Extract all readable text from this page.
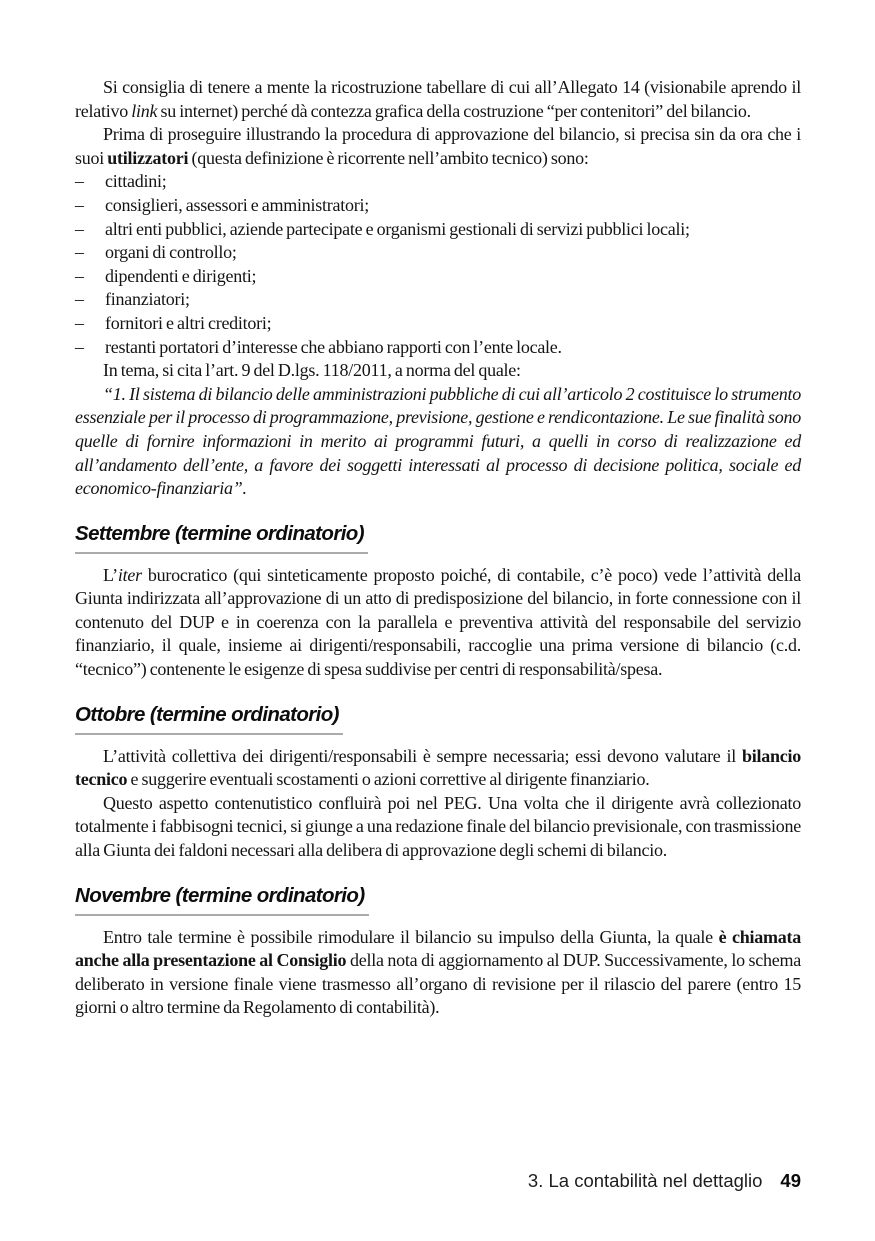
Si consiglia di tenere a mente la ricostruzione tabellare di cui all’Allegato 14 (visionabile aprendo il relativo link su internet) perché dà contezza grafica della costruzione “per contenitori” del bilancio.

Prima di proseguire illustrando la procedura di approvazione del bilancio, si precisa sin da ora che i suoi utilizzatori (questa definizione è ricorrente nell’ambito tecnico) sono:

– cittadini;
– consiglieri, assessori e amministratori;
– altri enti pubblici, aziende partecipate e organismi gestionali di servizi pubblici locali;
– organi di controllo;
– dipendenti e dirigenti;
– finanziatori;
– fornitori e altri creditori;
– restanti portatori d’interesse che abbiano rapporti con l’ente locale.

In tema, si cita l’art. 9 del D.lgs. 118/2011, a norma del quale:

“1. Il sistema di bilancio delle amministrazioni pubbliche di cui all’articolo 2 costituisce lo strumento essenziale per il processo di programmazione, previsione, gestione e rendicontazione. Le sue finalità sono quelle di fornire informazioni in merito ai programmi futuri, a quelli in corso di realizzazione ed all’andamento dell’ente, a favore dei soggetti interessati al processo di decisione politica, sociale ed economico-finanziaria”.

Settembre (termine ordinatorio)

L’iter burocratico (qui sinteticamente proposto poiché, di contabile, c’è poco) vede l’attività della Giunta indirizzata all’approvazione di un atto di predisposizione del bilancio, in forte connessione con il contenuto del DUP e in coerenza con la parallela e preventiva attività del responsabile del servizio finanziario, il quale, insieme ai dirigenti/responsabili, raccoglie una prima versione di bilancio (c.d. “tecnico”) contenente le esigenze di spesa suddivise per centri di responsabilità/spesa.

Ottobre (termine ordinatorio)

L’attività collettiva dei dirigenti/responsabili è sempre necessaria; essi devono valutare il bilancio tecnico e suggerire eventuali scostamenti o azioni correttive al dirigente finanziario.

Questo aspetto contenutistico confluirà poi nel PEG. Una volta che il dirigente avrà collezionato totalmente i fabbisogni tecnici, si giunge a una redazione finale del bilancio previsionale, con trasmissione alla Giunta dei faldoni necessari alla delibera di approvazione degli schemi di bilancio.

Novembre (termine ordinatorio)

Entro tale termine è possibile rimodulare il bilancio su impulso della Giunta, la quale è chiamata anche alla presentazione al Consiglio della nota di aggiornamento al DUP. Successivamente, lo schema deliberato in versione finale viene trasmesso all’organo di revisione per il rilascio del parere (entro 15 giorni o altro termine da Regolamento di contabilità).

3. La contabilità nel dettaglio 49
